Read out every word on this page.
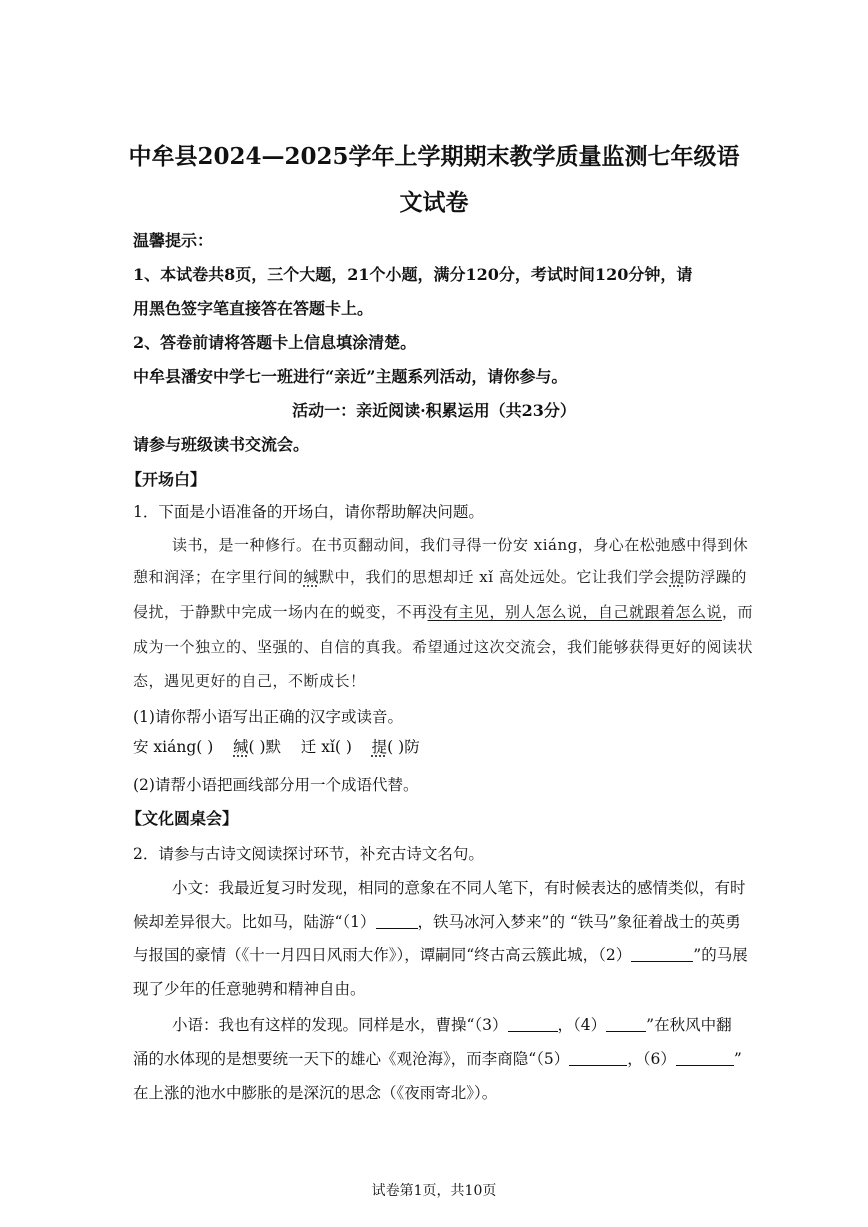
中牟县2024—2025学年上学期期末教学质量监测七年级语
文试卷
温馨提示：
1、本试卷共8页，三个大题，21个小题，满分120分，考试时间120分钟，请
用黑色签字笔直接答在答题卡上。
2、答卷前请将答题卡上信息填涂清楚。
中牟县潘安中学七一班进行“亲近”主题系列活动，请你参与。
活动一：亲近阅读·积累运用（共23分）
请参与班级读书交流会。
【开场白】
1．下面是小语准备的开场白，请你帮助解决问题。
读书，是一种修行。在书页翻动间，我们寻得一份安 xiáng，身心在松弛感中得到休
憩和润泽；在字里行间的缄默中，我们的思想却迁 xǐ 高处远处。它让我们学会提防浮躁的
侵扰，于静默中完成一场内在的蜕变，不再没有主见，别人怎么说，自己就跟着怎么说，而
成为一个独立的、坚强的、自信的真我。希望通过这次交流会，我们能够获得更好的阅读状
态，遇见更好的自己，不断成长！
(1)请你帮小语写出正确的汉字或读音。
安 xiáng( ) 缄( )默 迁 xǐ( ) 提( )防
(2)请帮小语把画线部分用一个成语代替。
【文化圆桌会】
2．请参与古诗文阅读探讨环节，补充古诗文名句。
小文：我最近复习时发现，相同的意象在不同人笔下，有时候表达的感情类似，有时
候却差异很大。比如马，陆游“（1）	，铁马冰河入梦来”的 “铁马”象征着战士的英勇
与报国的豪情（《十一月四日风雨大作》），谭嗣同“终古高云簇此城，（2）	”的马展
现了少年的任意驰骋和精神自由。
小语：我也有这样的发现。同样是水，曹操“（3）	，（4）	”在秋风中翻
涌的水体现的是想要统一天下的雄心《观沧海》，而李商隐“（5）	，（6）	”
在上涨的池水中膨胀的是深沉的思念（《夜雨寄北》）。
试卷第1页，共10页
